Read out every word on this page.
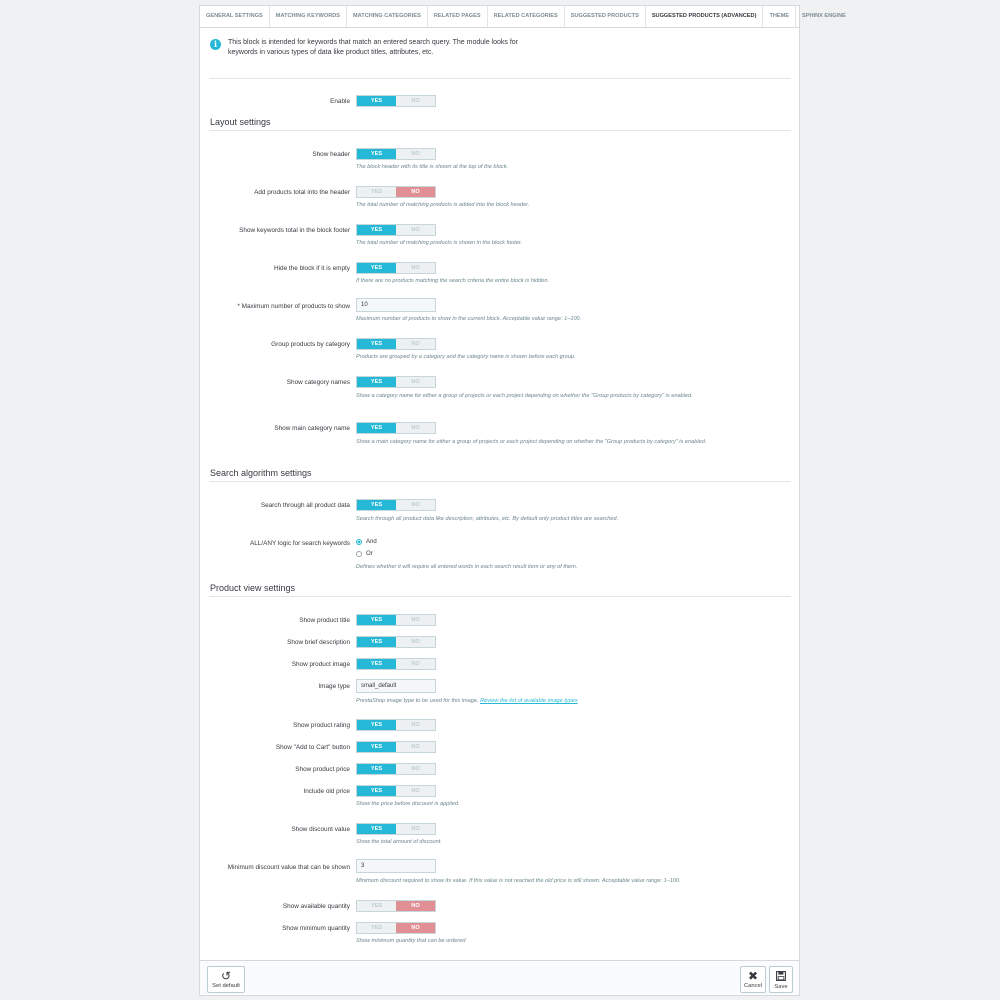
GENERAL SETTINGS	MATCHING KEYWORDS	MATCHING CATEGORIES	RELATED PAGES	RELATED CATEGORIES	SUGGESTED PRODUCTS	SUGGESTED PRODUCTS (ADVANCED)	THEME	SPHINX ENGINE
i	This block is intended for keywords that match an entered search query. The module looks for keywords in various types of data like product titles, attributes, etc.
Enable	YES	NO
Layout settings
Show header	YES	NO
The block header with its title is shown at the top of the block.
Add products total into the header	YES	NO
The total number of matching products is added into the block header.
Show keywords total in the block footer	YES	NO
The total number of matching products is shown in the block footer.
Hide the block if it is empty	YES	NO
If there are no products matching the search criteria the entire block is hidden.
* Maximum number of products to show	10
Maximum number of products to show in the current block. Acceptable value range: 1–100.
Group products by category	YES	NO
Products are grouped by a category and the category name is shown before each group.
Show category names	YES	NO
Show a category name for either a group of projects or each project depending on whether the "Group products by category" is enabled.
Show main category name	YES	NO
Show a main category name for either a group of projects or each project depending on whether the "Group products by category" is enabled.
Search algorithm settings
Search through all product data	YES	NO
Search through all product data like description, attributes, etc. By default only product titles are searched.
ALL/ANY logic for search keywords	And
Or
Defines whether it will require all entered words in each search result item or any of them.
Product view settings
Show product title	YES	NO
Show brief description	YES	NO
Show product image	YES	NO
Image type	small_default
PrestaShop image type to be used for this image. Review the list of available image types
Show product rating	YES	NO
Show "Add to Cart" button	YES	NO
Show product price	YES	NO
Include old price	YES	NO
Show the price before discount is applied.
Show discount value	YES	NO
Show the total amount of discount.
Minimum discount value that can be shown	3
Minimum discount required to show its value. If this value is not reached the old price is still shown. Acceptable value range: 1–100.
Show available quantity	YES	NO
Show minimum quantity	YES	NO
Show minimum quantity that can be ordered
↺
Set default
✖
Cancel	Save
